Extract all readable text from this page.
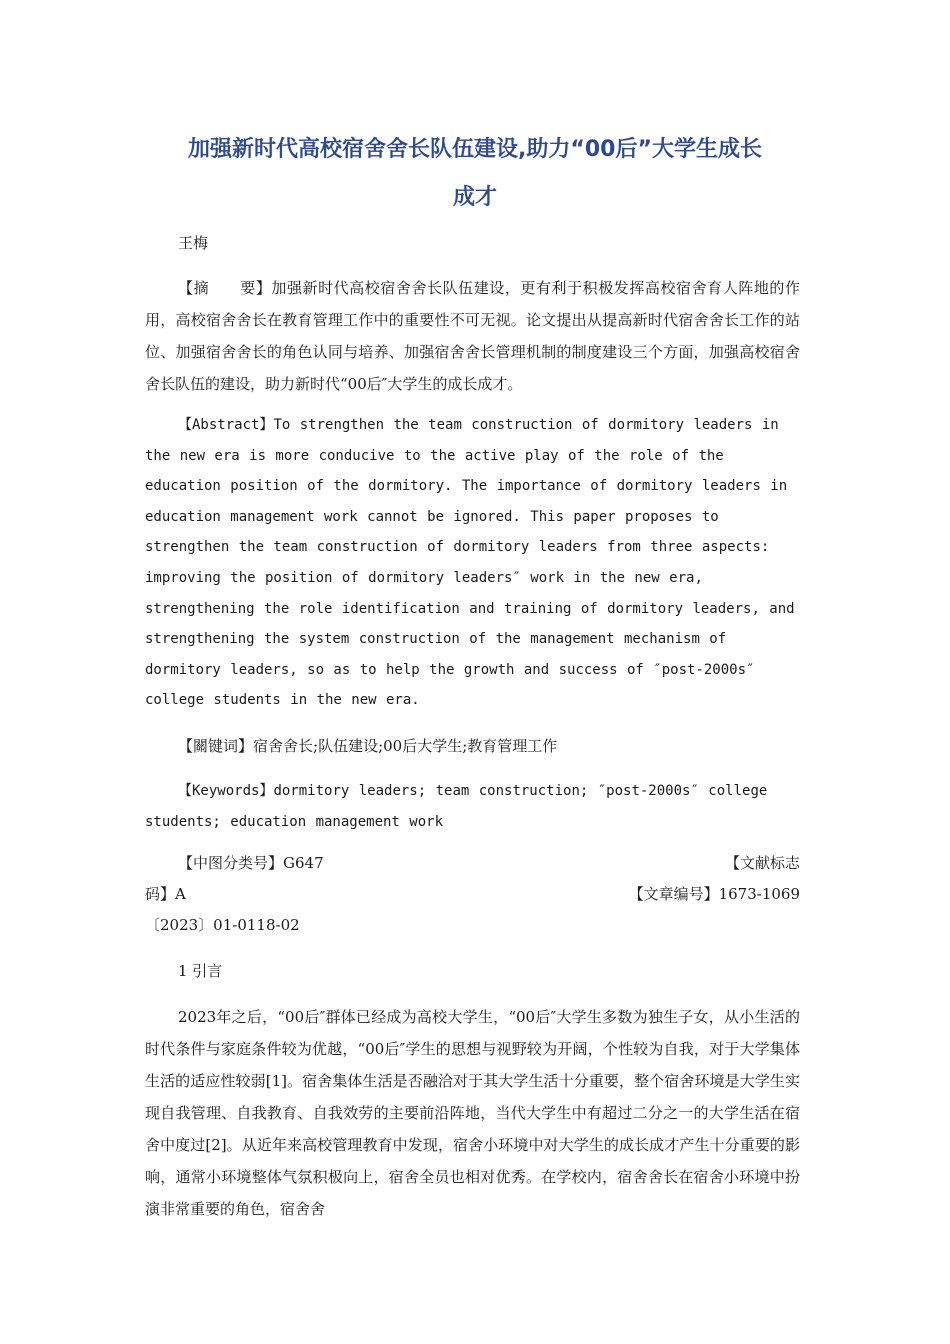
加强新时代高校宿舍舍长队伍建设,助力“00后”大学生成长
成才
王梅
【摘　　要】加强新时代高校宿舍舍长队伍建设，更有利于积极发挥高校宿舍育人阵地的作用，高校宿舍舍长在教育管理工作中的重要性不可无视。论文提出从提高新时代宿舍舍长工作的站位、加强宿舍舍长的角色认同与培养、加强宿舍舍长管理机制的制度建设三个方面，加强高校宿舍舍长队伍的建设，助力新时代“00后″大学生的成长成才。
【Abstract】To strengthen the team construction of dormitory leaders in the new era is more conducive to the active play of the role of the education position of the dormitory. The importance of dormitory leaders in education management work cannot be ignored. This paper proposes to strengthen the team construction of dormitory leaders from three aspects: improving the position of dormitory leaders″ work in the new era, strengthening the role identification and training of dormitory leaders, and strengthening the system construction of the management mechanism of dormitory leaders, so as to help the growth and success of ″post-2000s″ college students in the new era.
【關键词】宿舍舍长;队伍建设;00后大学生;教育管理工作
【Keywords】dormitory leaders; team construction; ″post-2000s″ college students; education management work
【中图分类号】G647	【文献标志
码】A	【文章编号】1673-1069
〔2023〕01-0118-02
1 引言
2023年之后，“00后″群体已经成为高校大学生，“00后″大学生多数为独生子女，从小生活的时代条件与家庭条件较为优越，“00后″学生的思想与视野较为开阔，个性较为自我，对于大学集体生活的适应性较弱[1]。宿舍集体生活是否融洽对于其大学生活十分重要，整个宿舍环境是大学生实现自我管理、自我教育、自我效劳的主要前沿阵地，当代大学生中有超过二分之一的大学生活在宿舍中度过[2]。从近年来高校管理教育中发现，宿舍小环境中对大学生的成长成才产生十分重要的影响，通常小环境整体气氛积极向上，宿舍全员也相对优秀。在学校内，宿舍舍长在宿舍小环境中扮演非常重要的角色，宿舍舍
